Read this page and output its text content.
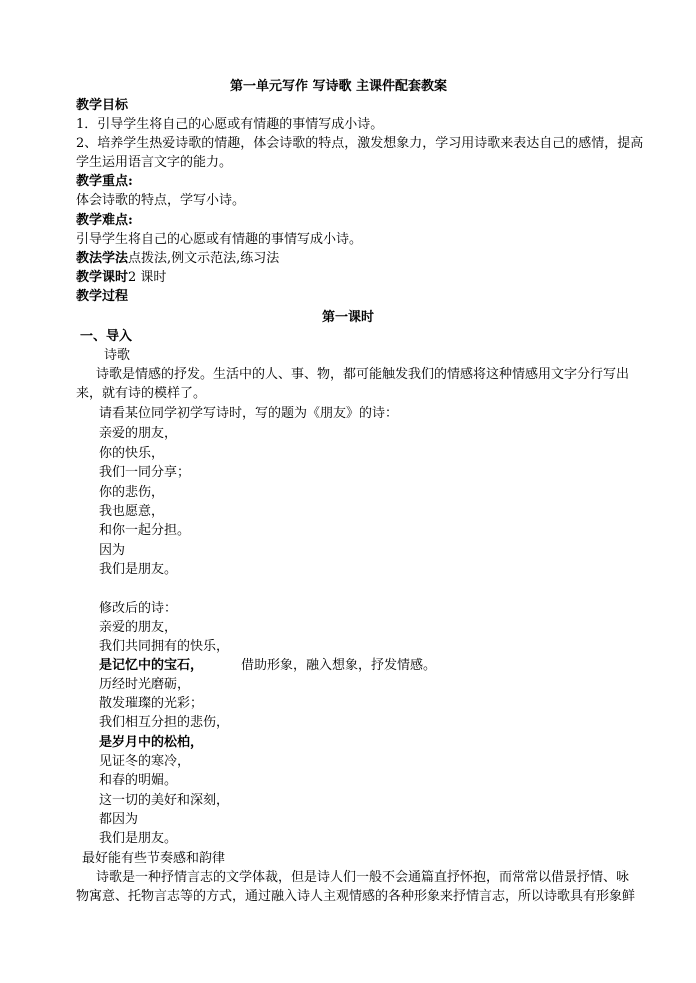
第一单元写作 写诗歌 主课件配套教案
教学目标
1．引导学生将自己的心愿或有情趣的事情写成小诗。
2、培养学生热爱诗歌的情趣，体会诗歌的特点，激发想象力，学习用诗歌来表达自己的感情，提高
学生运用语言文字的能力。
教学重点:
体会诗歌的特点，学写小诗。
教学难点:
引导学生将自己的心愿或有情趣的事情写成小诗。
教法学法点拨法,例文示范法,练习法
教学课时2 课时
教学过程
第一课时
一、导入
诗歌
诗歌是情感的抒发。生活中的人、事、物，都可能触发我们的情感将这种情感用文字分行写出
来，就有诗的模样了。
请看某位同学初学写诗时，写的题为《朋友》的诗：
亲爱的朋友，
你的快乐，
我们一同分享；
你的悲伤，
我也愿意，
和你一起分担。
因为
我们是朋友。
修改后的诗：
亲爱的朋友，
我们共同拥有的快乐，
是记忆中的宝石，	借助形象，融入想象，抒发情感。
历经时光磨砺，
散发璀璨的光彩；
我们相互分担的悲伤，
是岁月中的松柏，
见证冬的寒冷，
和春的明媚。
这一切的美好和深刻，
都因为
我们是朋友。
最好能有些节奏感和韵律
诗歌是一种抒情言志的文学体裁，但是诗人们一般不会通篇直抒怀抱，而常常以借景抒情、咏
物寓意、托物言志等的方式，通过融入诗人主观情感的各种形象来抒情言志，所以诗歌具有形象鲜
